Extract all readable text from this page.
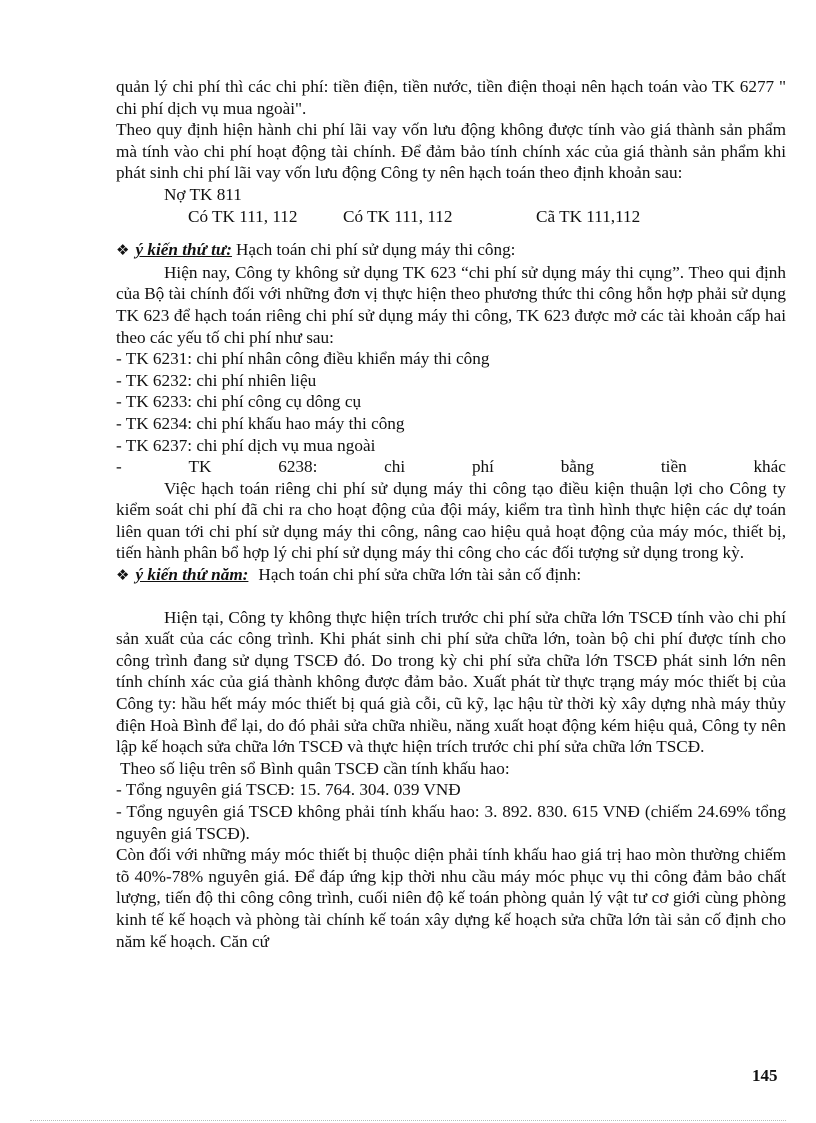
quản lý chi phí thì các chi phí: tiền điện, tiền nước, tiền điện thoại nên hạch toán vào TK 6277 " chi phí dịch vụ mua ngoài".

Theo quy định hiện hành chi phí lãi vay vốn lưu động không được tính vào giá thành sản phẩm mà tính vào chi phí hoạt động tài chính. Để đảm bảo tính chính xác của giá thành sản phẩm khi phát sinh chi phí lãi vay vốn lưu động Công ty nên hạch toán theo định khoản sau:

Nợ TK 811

Có TK 111, 112	Có TK 111, 112	Cã TK 111,112

❖ ý kiến thứ tư: Hạch toán chi phí sử dụng máy thi công:

Hiện nay, Công ty không sử dụng TK 623 “chi phí sử dụng máy thi cụng”. Theo qui định của Bộ tài chính đối với những đơn vị thực hiện theo phương thức thi công hỗn hợp phải sử dụng TK 623 để hạch toán riêng chi phí sử dụng máy thi công, TK 623 được mở các tài khoản cấp hai theo các yếu tố chi phí như sau:

- TK 6231: chi phí nhân công điều khiển máy thi công

- TK 6232: chi phí nhiên liệu

- TK 6233: chi phí công cụ dông cụ

- TK 6234: chi phí khấu hao máy thi công

- TK 6237: chi phí dịch vụ mua ngoài

-	TK	6238:	chi	phí	bằng	tiền	khác

Việc hạch toán riêng chi phí sử dụng máy thi công tạo điều kiện thuận lợi cho Công ty kiểm soát chi phí đã chi ra cho hoạt động của đội máy, kiểm tra tình hình thực hiện các dự toán liên quan tới chi phí sử dụng máy thi công, nâng cao hiệu quả hoạt động của máy móc, thiết bị, tiến hành phân bổ hợp lý chi phí sử dụng máy thi công cho các đối tượng sử dụng trong kỳ.

❖ ý kiến thứ năm: Hạch toán chi phí sửa chữa lớn tài sản cố định:

Hiện tại, Công ty không thực hiện trích trước chi phí sửa chữa lớn TSCĐ tính vào chi phí sản xuất của các công trình. Khi phát sinh chi phí sửa chữa lớn, toàn bộ chi phí được tính cho công trình đang sử dụng TSCĐ đó. Do trong kỳ chi phí sửa chữa lớn TSCĐ phát sinh lớn nên tính chính xác của giá thành không được đảm bảo. Xuất phát từ thực trạng máy móc thiết bị của Công ty: hầu hết máy móc thiết bị quá già cỗi, cũ kỹ, lạc hậu từ thời kỳ xây dựng nhà máy thủy điện Hoà Bình để lại, do đó phải sửa chữa nhiều, năng xuất hoạt động kém hiệu quả, Công ty nên lập kế hoạch sửa chữa lớn TSCĐ và thực hiện trích trước chi phí sửa chữa lớn TSCĐ.

Theo số liệu trên sổ Bình quân TSCĐ cần tính khấu hao:

- Tổng nguyên giá TSCĐ: 15. 764. 304. 039 VNĐ

- Tổng nguyên giá TSCĐ không phải tính khấu hao: 3. 892. 830. 615 VNĐ (chiếm 24.69% tổng nguyên giá TSCĐ).

Còn đối với những máy móc thiết bị thuộc diện phải tính khấu hao giá trị hao mòn thường chiếm tõ 40%-78% nguyên giá. Để đáp ứng kịp thời nhu cầu máy móc phục vụ thi công đảm bảo chất lượng, tiến độ thi công công trình, cuối niên độ kế toán phòng quản lý vật tư cơ giới cùng phòng kinh tế kế hoạch và phòng tài chính kế toán xây dựng kế hoạch sửa chữa lớn tài sản cố định cho năm kế hoạch. Căn cứ

145
